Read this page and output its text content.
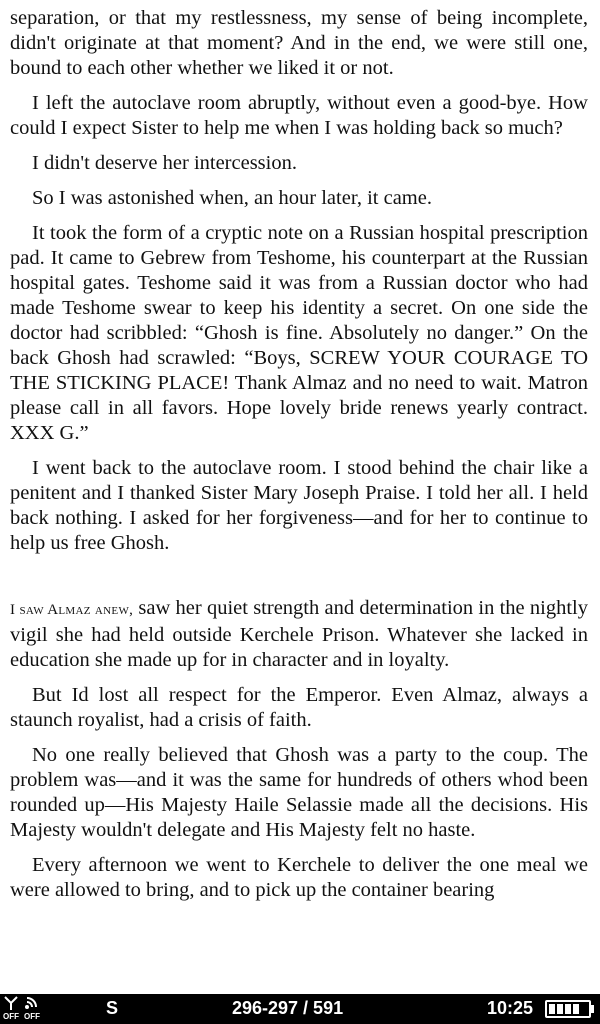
separation, or that my restlessness, my sense of being incomplete, didn't originate at that moment? And in the end, we were still one, bound to each other whether we liked it or not.

I left the autoclave room abruptly, without even a good-bye. How could I expect Sister to help me when I was holding back so much?

I didn't deserve her intercession.

So I was astonished when, an hour later, it came.

It took the form of a cryptic note on a Russian hospital prescription pad. It came to Gebrew from Teshome, his counterpart at the Russian hospital gates. Teshome said it was from a Russian doctor who had made Teshome swear to keep his identity a secret. On one side the doctor had scribbled: “Ghosh is fine. Absolutely no danger.” On the back Ghosh had scrawled: “Boys, SCREW YOUR COURAGE TO THE STICKING PLACE! Thank Almaz and no need to wait. Matron please call in all favors. Hope lovely bride renews yearly contract. XXX G.”

I went back to the autoclave room. I stood behind the chair like a penitent and I thanked Sister Mary Joseph Praise. I told her all. I held back nothing. I asked for her forgiveness—and for her to continue to help us free Ghosh.

I saw Almaz anew, saw her quiet strength and determination in the nightly vigil she had held outside Kerchele Prison. Whatever she lacked in education she made up for in character and in loyalty.

But Id lost all respect for the Emperor. Even Almaz, always a staunch royalist, had a crisis of faith.

No one really believed that Ghosh was a party to the coup. The problem was—and it was the same for hundreds of others whod been rounded up—His Majesty Haile Selassie made all the decisions. His Majesty wouldn't delegate and His Majesty felt no haste.

Every afternoon we went to Kerchele to deliver the one meal we were allowed to bring, and to pick up the container bearing

OFF OFF	S	296-297 / 591	10:25
